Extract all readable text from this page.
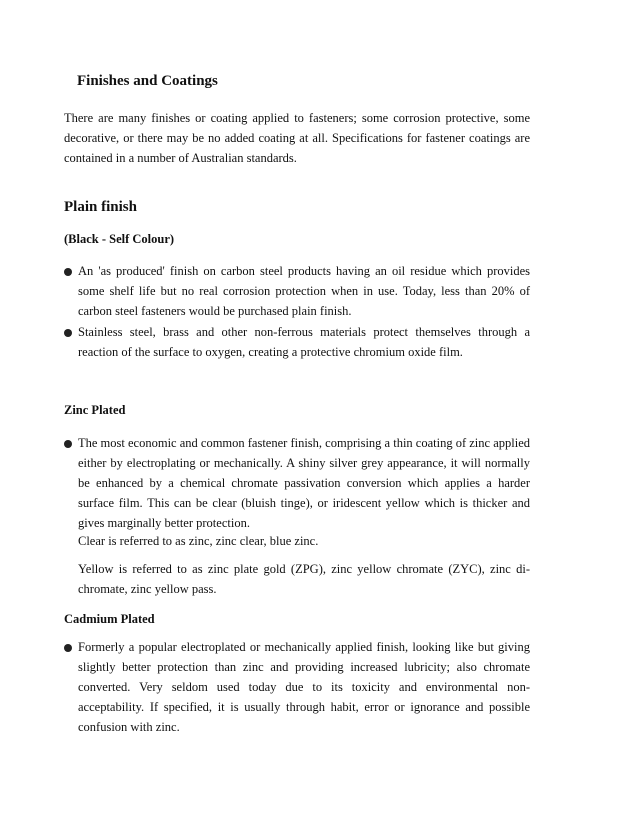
Finishes and Coatings

There are many finishes or coating applied to fasteners; some corrosion protective, some decorative, or there may be no added coating at all. Specifications for fastener coatings are contained in a number of Australian standards.

Plain finish
(Black - Self Colour)

An 'as produced' finish on carbon steel products having an oil residue which provides some shelf life but no real corrosion protection when in use. Today, less than 20% of carbon steel fasteners would be purchased plain finish.

Stainless steel, brass and other non-ferrous materials protect themselves through a reaction of the surface to oxygen, creating a protective chromium oxide film.

Zinc Plated

The most economic and common fastener finish, comprising a thin coating of zinc applied either by electroplating or mechanically. A shiny silver grey appearance, it will normally be enhanced by a chemical chromate passivation conversion which applies a harder surface film. This can be clear (bluish tinge), or iridescent yellow which is thicker and gives marginally better protection.

Clear is referred to as zinc, zinc clear, blue zinc.

Yellow is referred to as zinc plate gold (ZPG), zinc yellow chromate (ZYC), zinc di-chromate, zinc yellow pass.

Cadmium Plated

Formerly a popular electroplated or mechanically applied finish, looking like but giving slightly better protection than zinc and providing increased lubricity; also chromate converted. Very seldom used today due to its toxicity and environmental non-acceptability. If specified, it is usually through habit, error or ignorance and possible confusion with zinc.
